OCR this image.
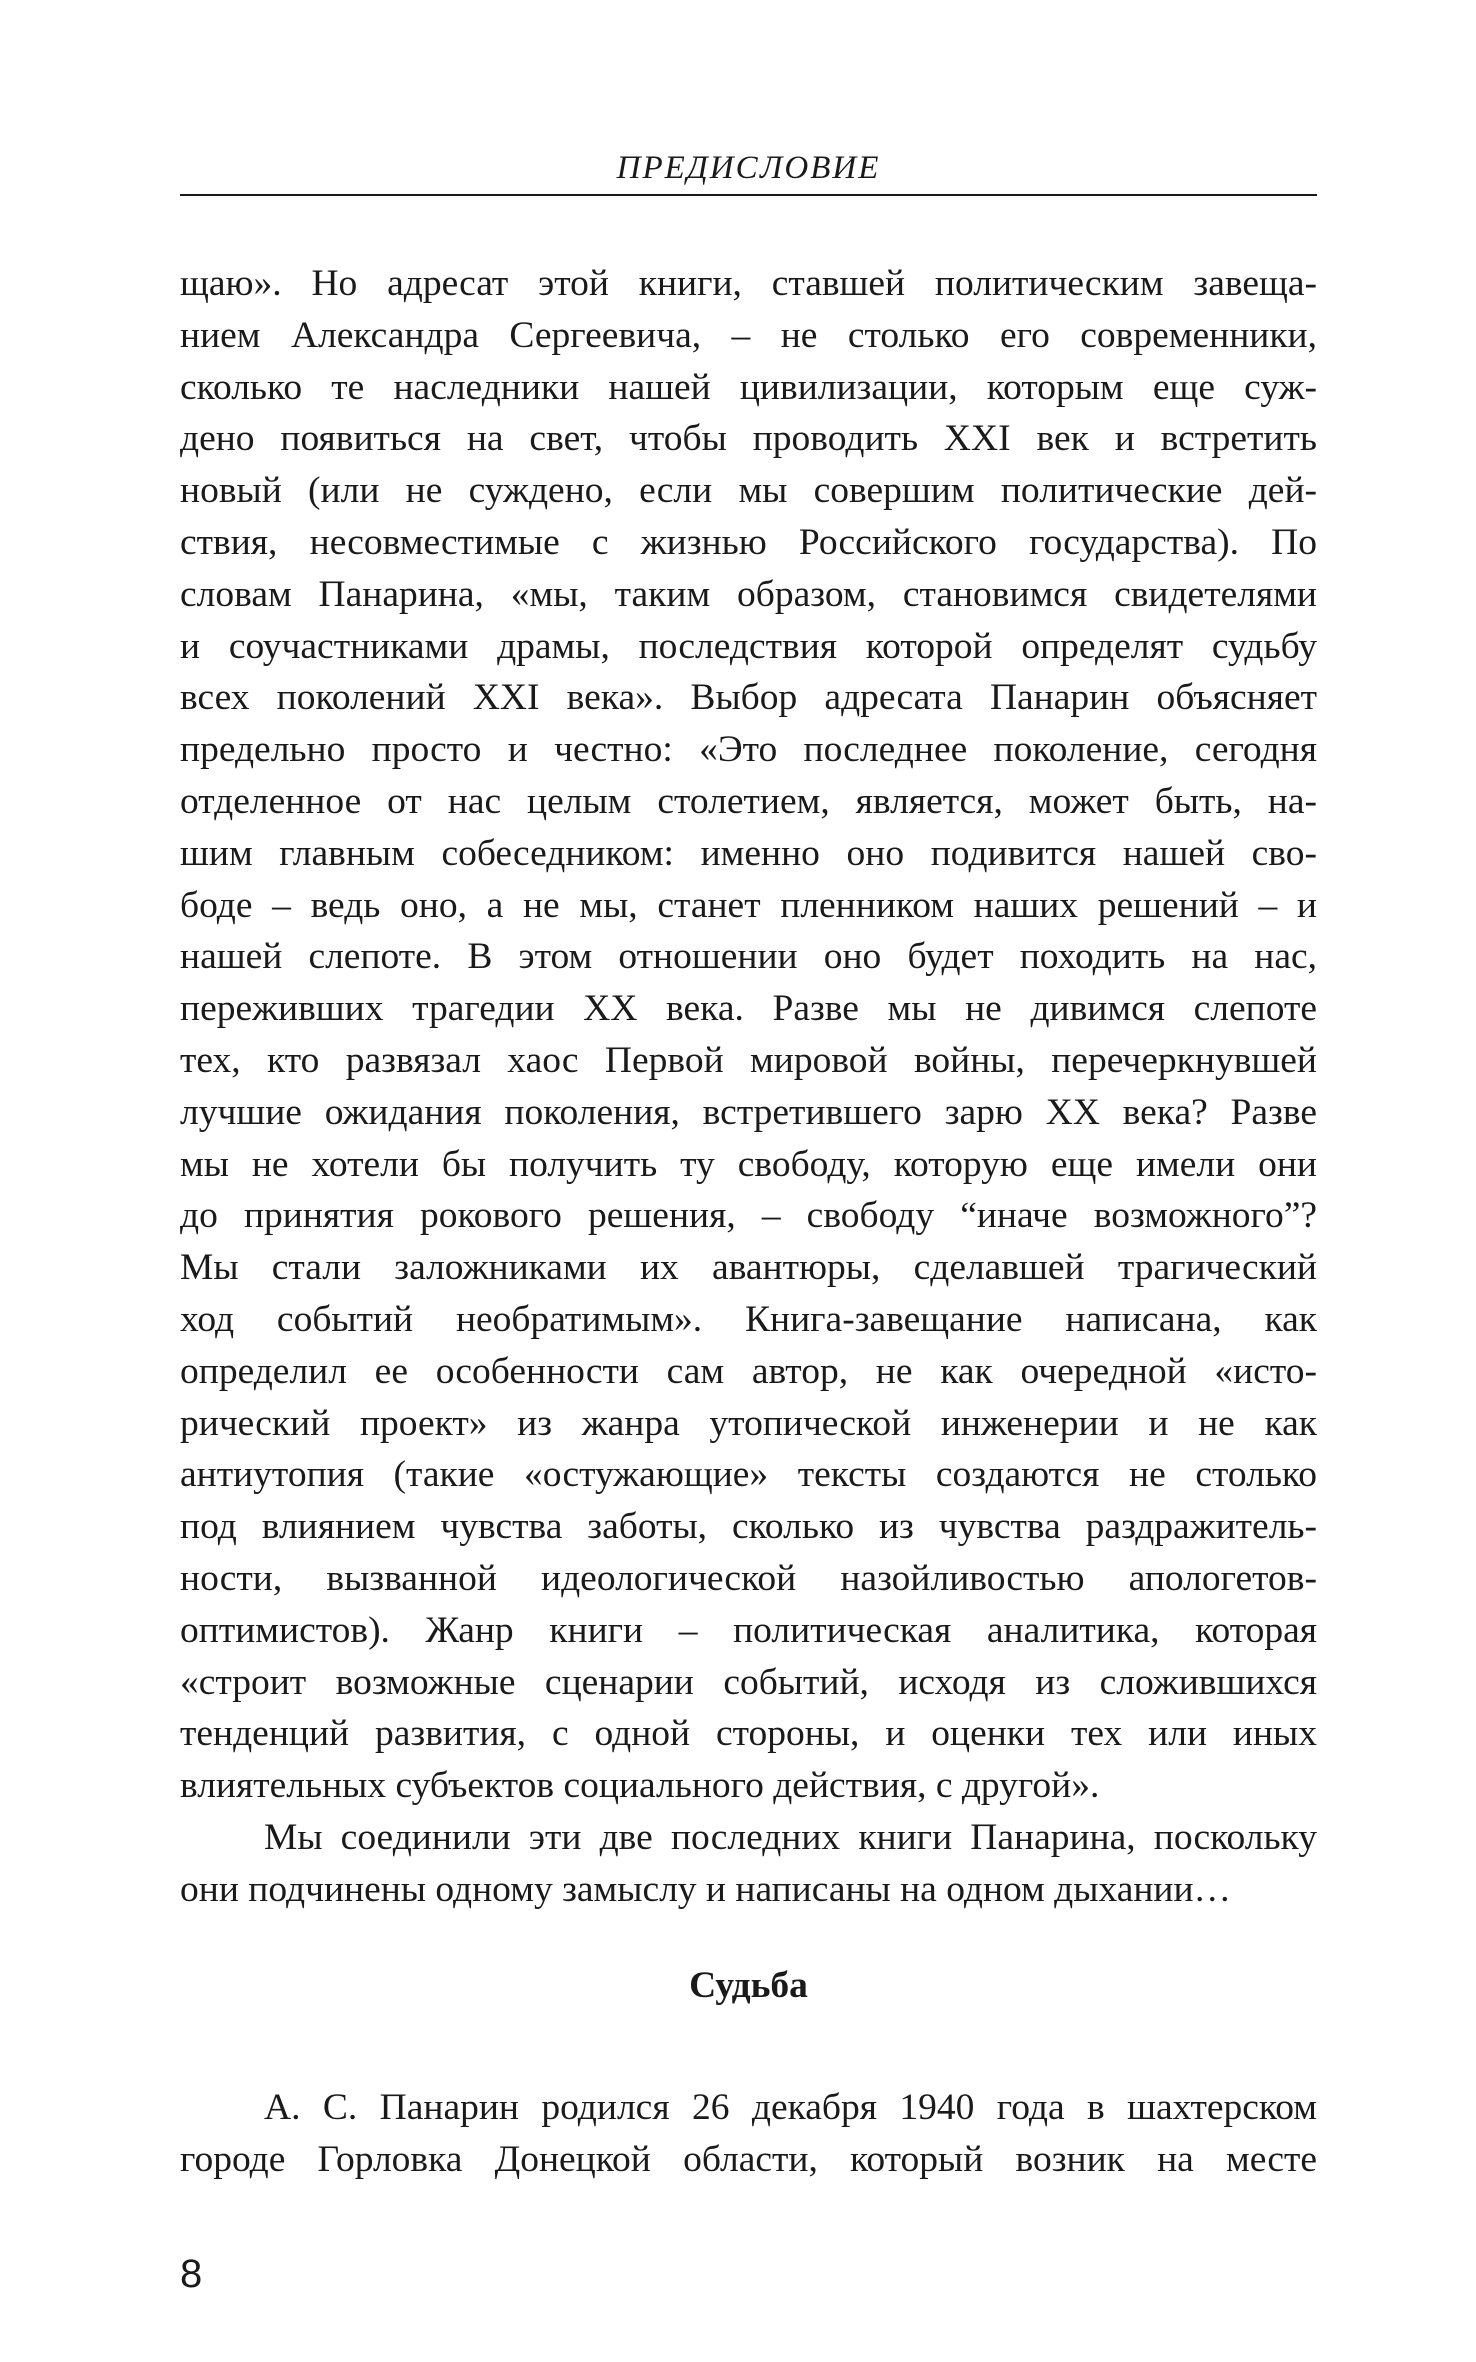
ПРЕДИСЛОВИЕ

щаю». Но адресат этой книги, ставшей политическим завеща-

нием Александра Сергеевича, – не столько его современники,

сколько те наследники нашей цивилизации, которым еще суж-

дено появиться на свет, чтобы проводить XXI век и встретить

новый (или не суждено, если мы совершим политические дей-

ствия, несовместимые с жизнью Российского государства). По

словам Панарина, «мы, таким образом, становимся свидетелями

и соучастниками драмы, последствия которой определят судьбу

всех поколений XXI века». Выбор адресата Панарин объясняет

предельно просто и честно: «Это последнее поколение, сегодня

отделенное от нас целым столетием, является, может быть, на-

шим главным собеседником: именно оно подивится нашей сво-

боде – ведь оно, а не мы, станет пленником наших решений – и

нашей слепоте. В этом отношении оно будет походить на нас,

переживших трагедии XX века. Разве мы не дивимся слепоте

тех, кто развязал хаос Первой мировой войны, перечеркнувшей

лучшие ожидания поколения, встретившего зарю XX века? Разве

мы не хотели бы получить ту свободу, которую еще имели они

до принятия рокового решения, – свободу “иначе возможного”?

Мы стали заложниками их авантюры, сделавшей трагический

ход событий необратимым». Книга-завещание написана, как

определил ее особенности сам автор, не как очередной «исто-

рический проект» из жанра утопической инженерии и не как

антиутопия (такие «остужающие» тексты создаются не столько

под влиянием чувства заботы, сколько из чувства раздражитель-

ности, вызванной идеологической назойливостью апологетов-

оптимистов). Жанр книги – политическая аналитика, которая

«строит возможные сценарии событий, исходя из сложившихся

тенденций развития, с одной стороны, и оценки тех или иных

влиятельных субъектов социального действия, с другой».

Мы соединили эти две последних книги Панарина, поскольку

они подчинены одному замыслу и написаны на одном дыхании…

Судьба

А. С. Панарин родился 26 декабря 1940 года в шахтерском

городе Горловка Донецкой области, который возник на месте

8
